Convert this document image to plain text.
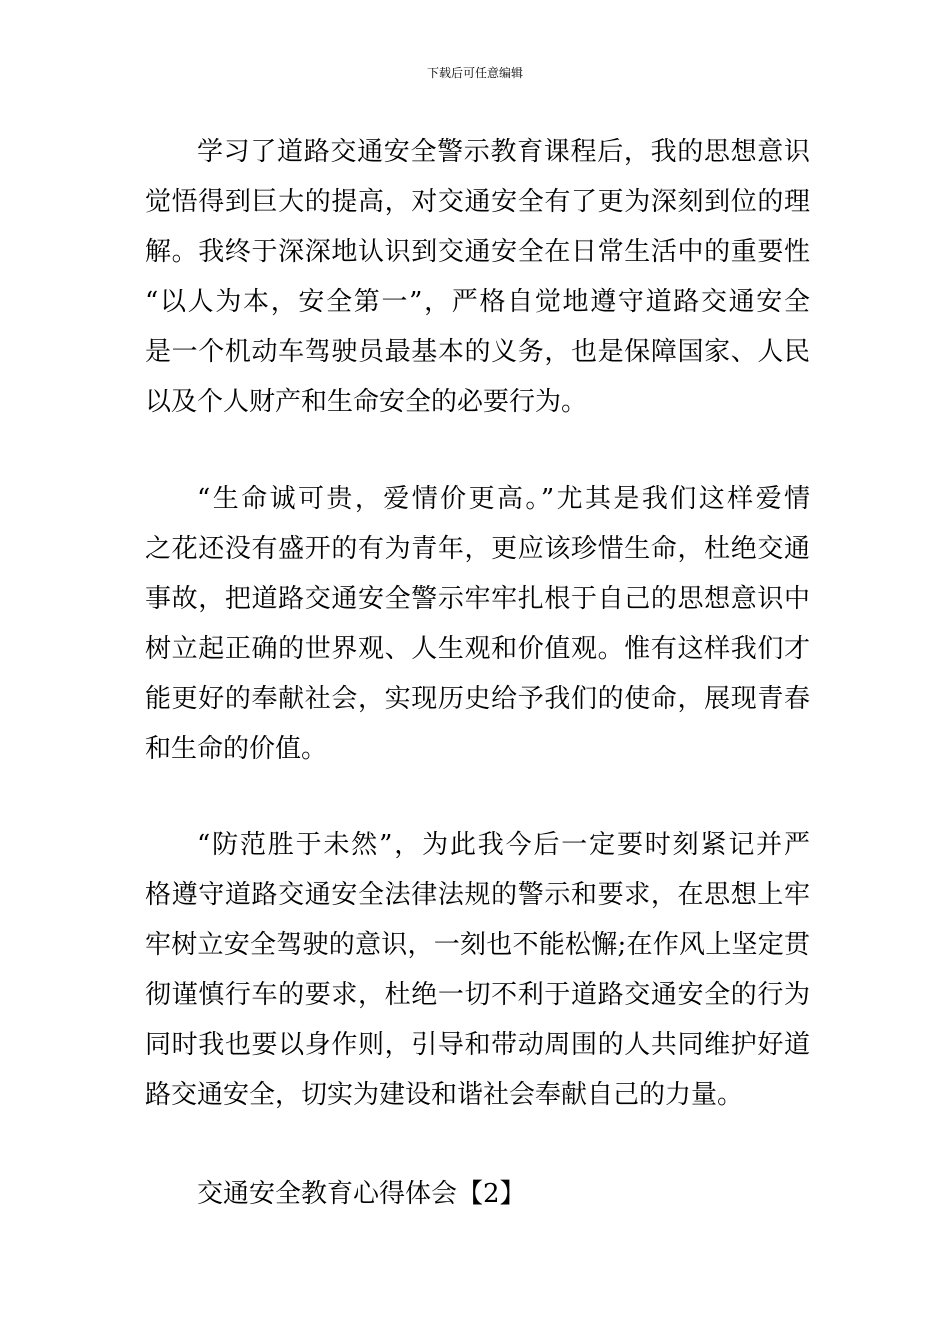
下载后可任意编辑
学习了道路交通安全警示教育课程后，我的思想意识
觉悟得到巨大的提高，对交通安全有了更为深刻到位的理
解。我终于深深地认识到交通安全在日常生活中的重要性
“以人为本，安全第一”，严格自觉地遵守道路交通安全
是一个机动车驾驶员最基本的义务，也是保障国家、人民
以及个人财产和生命安全的必要行为。
“生命诚可贵，爱情价更高。”尤其是我们这样爱情
之花还没有盛开的有为青年，更应该珍惜生命，杜绝交通
事故，把道路交通安全警示牢牢扎根于自己的思想意识中
树立起正确的世界观、人生观和价值观。惟有这样我们才
能更好的奉献社会，实现历史给予我们的使命，展现青春
和生命的价值。
“防范胜于未然”，为此我今后一定要时刻紧记并严
格遵守道路交通安全法律法规的警示和要求，在思想上牢
牢树立安全驾驶的意识，一刻也不能松懈;在作风上坚定贯
彻谨慎行车的要求，杜绝一切不利于道路交通安全的行为
同时我也要以身作则，引导和带动周围的人共同维护好道
路交通安全，切实为建设和谐社会奉献自己的力量。
交通安全教育心得体会【2】
